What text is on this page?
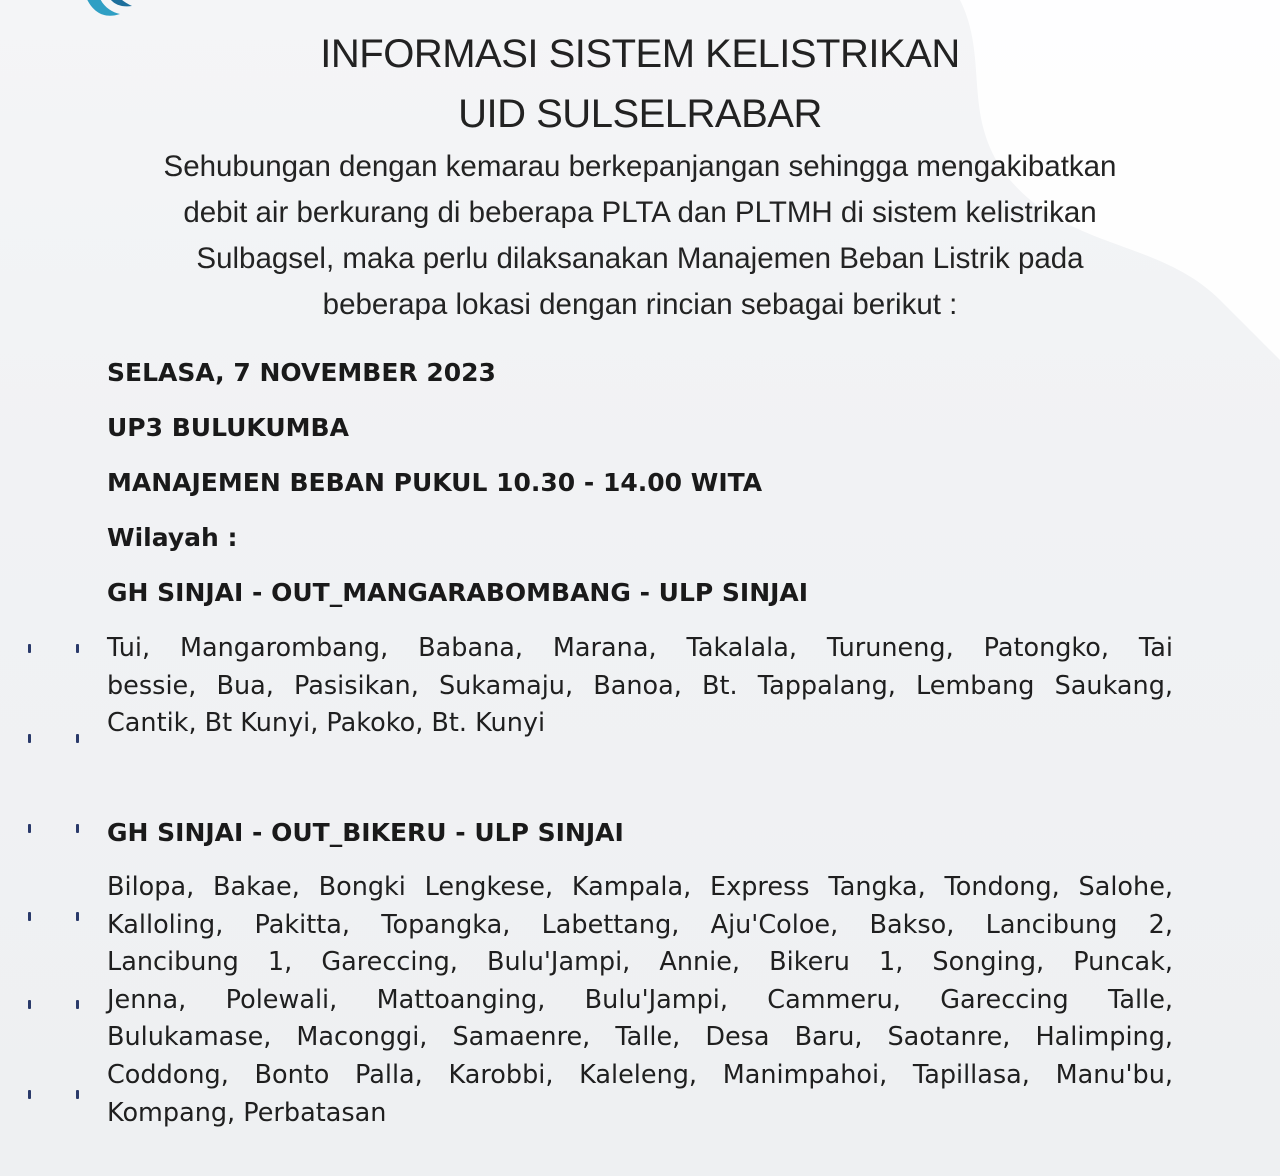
INFORMASI SISTEM KELISTRIKAN
UID SULSELRABAR
Sehubungan dengan kemarau berkepanjangan sehingga mengakibatkan
debit air berkurang di beberapa PLTA dan PLTMH di sistem kelistrikan
Sulbagsel, maka perlu dilaksanakan Manajemen Beban Listrik pada
beberapa lokasi dengan rincian sebagai berikut :
SELASA, 7 NOVEMBER 2023
UP3 BULUKUMBA
MANAJEMEN BEBAN PUKUL 10.30 - 14.00 WITA
Wilayah :
GH SINJAI - OUT_MANGARABOMBANG - ULP SINJAI
Tui, Mangarombang, Babana, Marana, Takalala, Turuneng, Patongko, Tai
bessie, Bua, Pasisikan, Sukamaju, Banoa, Bt. Tappalang, Lembang Saukang,
Cantik, Bt Kunyi, Pakoko, Bt. Kunyi
GH SINJAI - OUT_BIKERU - ULP SINJAI
Bilopa, Bakae, Bongki Lengkese, Kampala, Express Tangka, Tondong, Salohe,
Kalloling, Pakitta, Topangka, Labettang, Aju'Coloe, Bakso, Lancibung 2,
Lancibung 1, Gareccing, Bulu'Jampi, Annie, Bikeru 1, Songing, Puncak,
Jenna, Polewali, Mattoanging, Bulu'Jampi, Cammeru, Gareccing Talle,
Bulukamase, Maconggi, Samaenre, Talle, Desa Baru, Saotanre, Halimping,
Coddong, Bonto Palla, Karobbi, Kaleleng, Manimpahoi, Tapillasa, Manu'bu,
Kompang, Perbatasan
